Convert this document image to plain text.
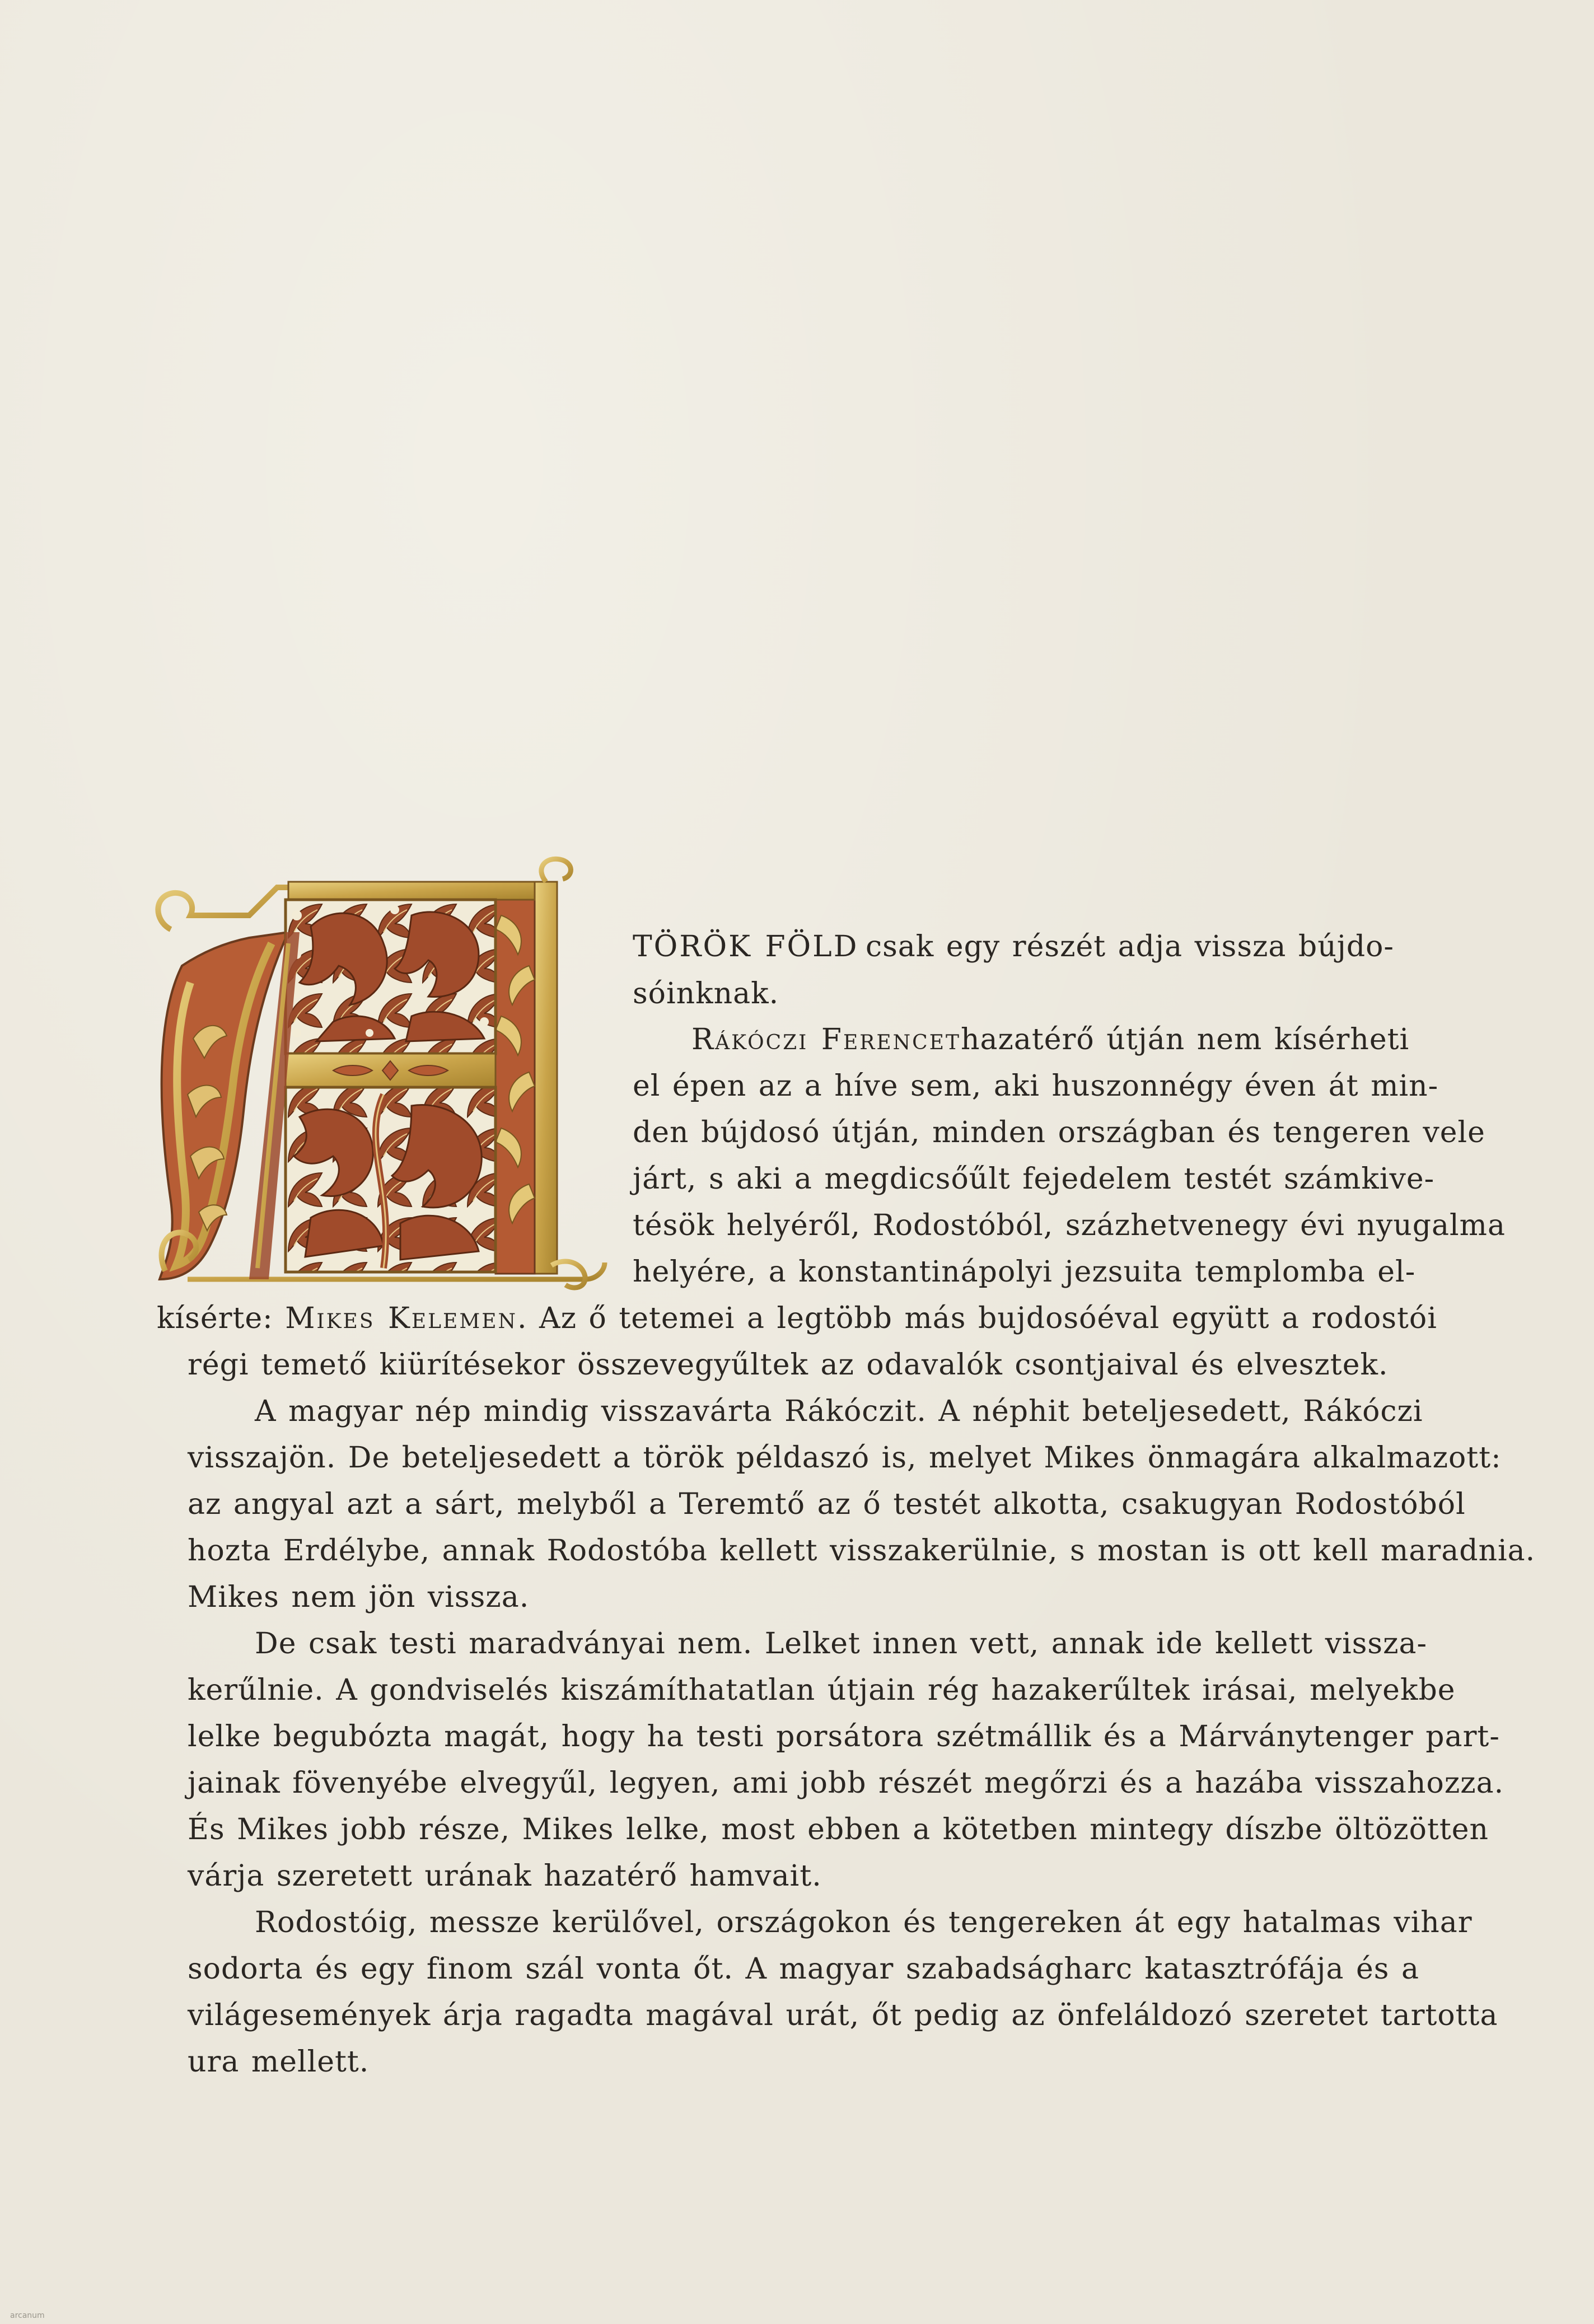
TÖRÖK FÖLD csak egy részét adja vissza bújdo-
sóinknak.
Rákóczi Ferencet hazatérő útján nem kísérheti
el épen az a híve sem, aki huszonnégy éven át min-
den bújdosó útján, minden országban és tengeren vele
járt, s aki a megdicsőűlt fejedelem testét számkive-
tésök helyéről, Rodostóból, százhetvenegy évi nyugalma
helyére, a konstantinápolyi jezsuita templomba el-
kísérte: Mikes Kelemen. Az ő tetemei a legtöbb más bujdosóéval együtt a rodostói
régi temető kiürítésekor összevegyűltek az odavalók csontjaival és elvesztek.
A magyar nép mindig visszavárta Rákóczit. A néphit beteljesedett, Rákóczi
visszajön. De beteljesedett a török példaszó is, melyet Mikes önmagára alkalmazott:
az angyal azt a sárt, melyből a Teremtő az ő testét alkotta, csakugyan Rodostóból
hozta Erdélybe, annak Rodostóba kellett visszakerülnie, s mostan is ott kell maradnia.
Mikes nem jön vissza.
De csak testi maradványai nem. Lelket innen vett, annak ide kellett vissza-
kerűlnie. A gondviselés kiszámíthatatlan útjain rég hazakerűltek irásai, melyekbe
lelke begubózta magát, hogy ha testi porsátora szétmállik és a Márványtenger part-
jainak fövenyébe elvegyűl, legyen, ami jobb részét megőrzi és a hazába visszahozza.
És Mikes jobb része, Mikes lelke, most ebben a kötetben mintegy díszbe öltözötten
várja szeretett urának hazatérő hamvait.
Rodostóig, messze kerülővel, országokon és tengereken át egy hatalmas vihar
sodorta és egy finom szál vonta őt. A magyar szabadságharc katasztrófája és a
világesemények árja ragadta magával urát, őt pedig az önfeláldozó szeretet tartotta
ura mellett.
arcanum
